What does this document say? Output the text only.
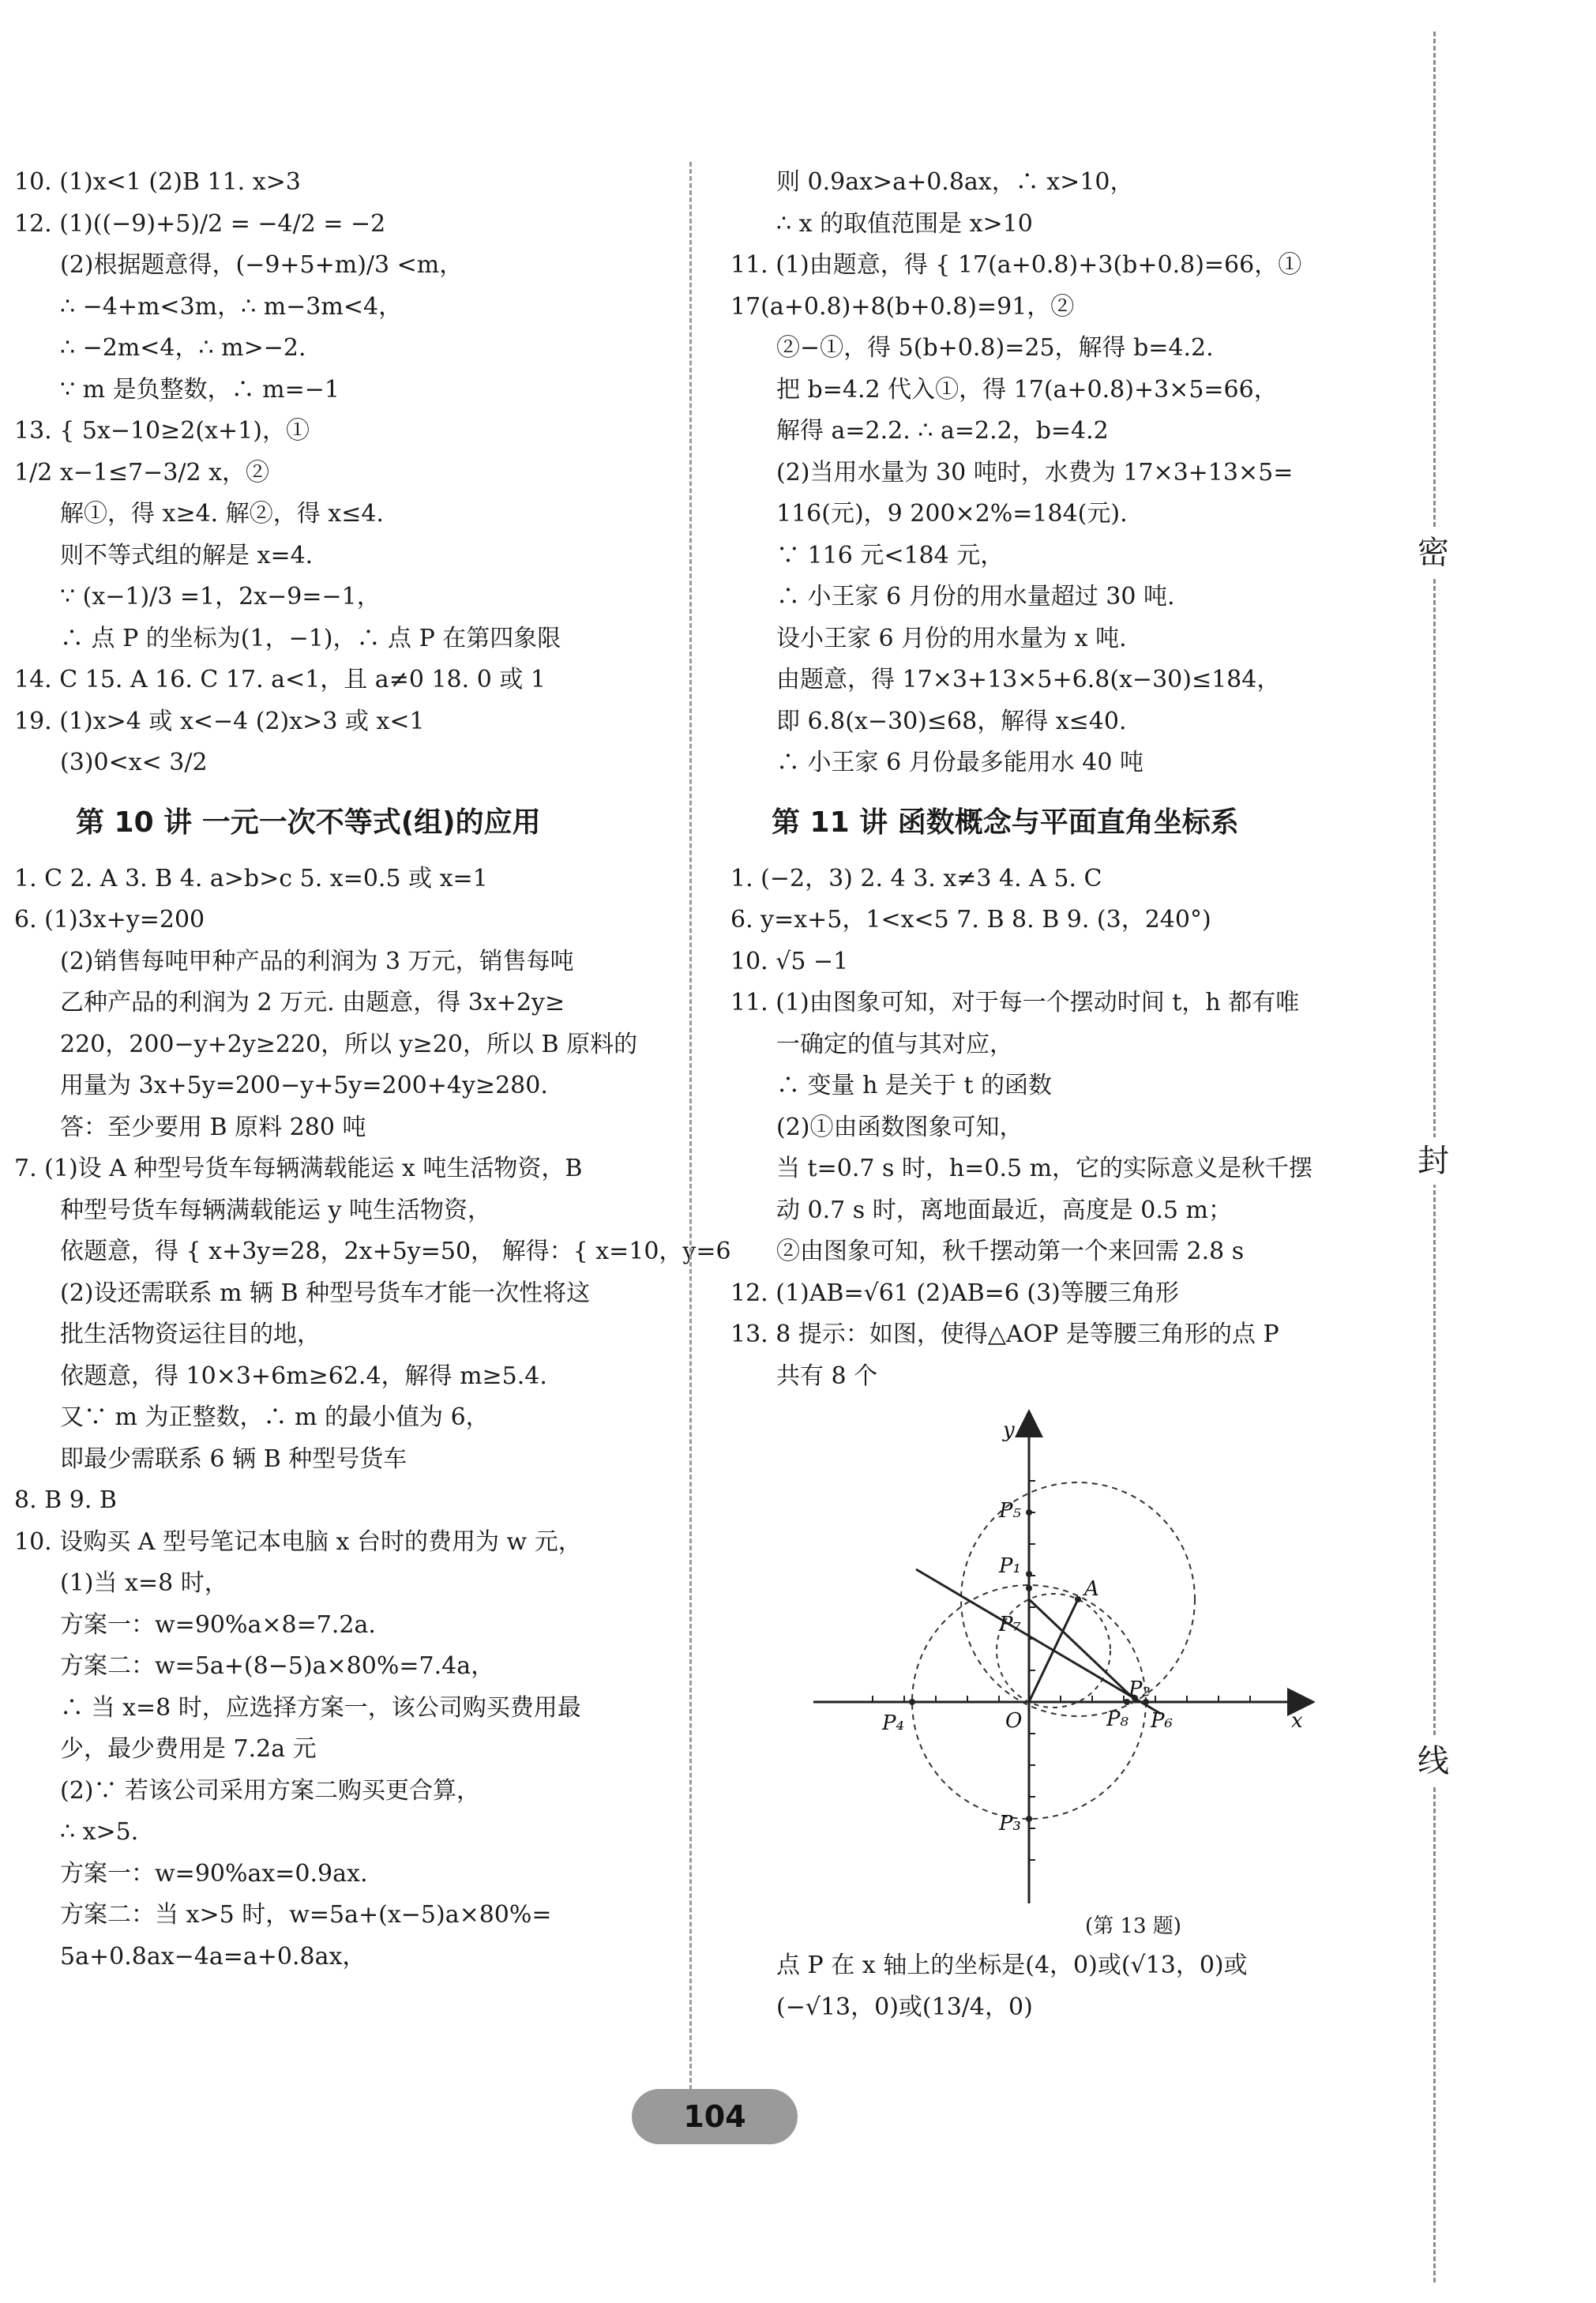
10. (1)x<1 (2)B 11. x>3
12. (1)((−9)+5)/2 = −4/2 = −2
(2)根据题意得，(−9+5+m)/3 <m，
∴ −4+m<3m，∴ m−3m<4，
∴ −2m<4，∴ m>−2.
∵ m 是负整数，∴ m=−1
13. { 5x−10≥2(x+1)，①
1/2 x−1≤7−3/2 x，②
解①，得 x≥4. 解②，得 x≤4.
则不等式组的解是 x=4.
∵ (x−1)/3 =1，2x−9=−1，
∴ 点 P 的坐标为(1，−1)，∴ 点 P 在第四象限
14. C 15. A 16. C 17. a<1，且 a≠0 18. 0 或 1
19. (1)x>4 或 x<−4 (2)x>3 或 x<1
(3)0<x< 3/2
第 10 讲 一元一次不等式(组)的应用
1. C 2. A 3. B 4. a>b>c 5. x=0.5 或 x=1
6. (1)3x+y=200
(2)销售每吨甲种产品的利润为 3 万元，销售每吨
乙种产品的利润为 2 万元. 由题意，得 3x+2y≥
220，200−y+2y≥220，所以 y≥20，所以 B 原料的
用量为 3x+5y=200−y+5y=200+4y≥280.
答：至少要用 B 原料 280 吨
7. (1)设 A 种型号货车每辆满载能运 x 吨生活物资，B
种型号货车每辆满载能运 y 吨生活物资，
依题意，得 { x+3y=28，2x+5y=50， 解得：{ x=10，y=6
(2)设还需联系 m 辆 B 种型号货车才能一次性将这
批生活物资运往目的地，
依题意，得 10×3+6m≥62.4，解得 m≥5.4.
又∵ m 为正整数，∴ m 的最小值为 6，
即最少需联系 6 辆 B 种型号货车
8. B 9. B
10. 设购买 A 型号笔记本电脑 x 台时的费用为 w 元，
(1)当 x=8 时，
方案一：w=90%a×8=7.2a.
方案二：w=5a+(8−5)a×80%=7.4a，
∴ 当 x=8 时，应选择方案一，该公司购买费用最
少，最少费用是 7.2a 元
(2)∵ 若该公司采用方案二购买更合算，
∴ x>5.
方案一：w=90%ax=0.9ax.
方案二：当 x>5 时，w=5a+(x−5)a×80%=
5a+0.8ax−4a=a+0.8ax，
则 0.9ax>a+0.8ax，∴ x>10，
∴ x 的取值范围是 x>10
11. (1)由题意，得 { 17(a+0.8)+3(b+0.8)=66，①
17(a+0.8)+8(b+0.8)=91，②
②−①，得 5(b+0.8)=25，解得 b=4.2.
把 b=4.2 代入①，得 17(a+0.8)+3×5=66，
解得 a=2.2. ∴ a=2.2，b=4.2
(2)当用水量为 30 吨时，水费为 17×3+13×5=
116(元)，9 200×2%=184(元).
∵ 116 元<184 元，
∴ 小王家 6 月份的用水量超过 30 吨.
设小王家 6 月份的用水量为 x 吨.
由题意，得 17×3+13×5+6.8(x−30)≤184，
即 6.8(x−30)≤68，解得 x≤40.
∴ 小王家 6 月份最多能用水 40 吨
第 11 讲 函数概念与平面直角坐标系
1. (−2，3) 2. 4 3. x≠3 4. A 5. C
6. y=x+5，1<x<5 7. B 8. B 9. (3，240°)
10. √5 −1
11. (1)由图象可知，对于每一个摆动时间 t，h 都有唯
一确定的值与其对应，
∴ 变量 h 是关于 t 的函数
(2)①由函数图象可知，
当 t=0.7 s 时，h=0.5 m，它的实际意义是秋千摆
动 0.7 s 时，离地面最近，高度是 0.5 m；
②由图象可知，秋千摆动第一个来回需 2.8 s
12. (1)AB=√61 (2)AB=6 (3)等腰三角形
13. 8 提示：如图，使得△AOP 是等腰三角形的点 P
共有 8 个
y
x
O
A
P₅
P₁
P₇
P₃
P₄
P₂
P₈ P₆
(第 13 题)
点 P 在 x 轴上的坐标是(4，0)或(√13，0)或
(−√13，0)或(13/4，0)
密
封
线
104
